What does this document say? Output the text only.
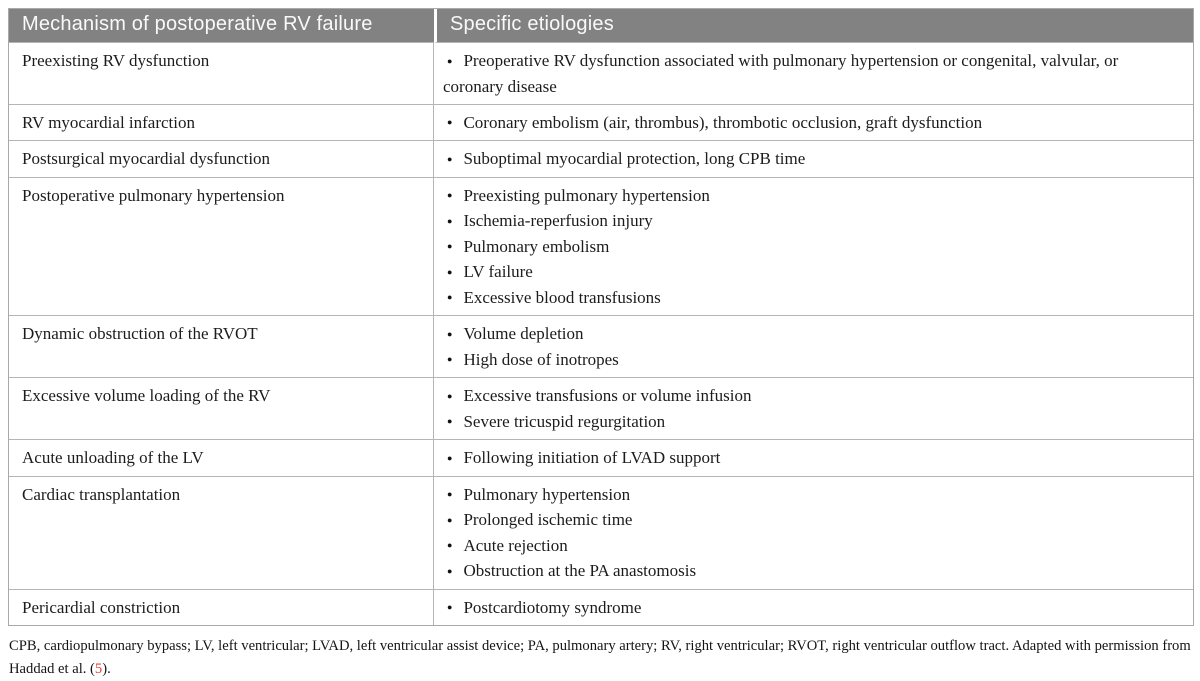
Mechanism of postoperative RV failure	Specific etiologies
Preexisting RV dysfunction	● Preoperative RV dysfunction associated with pulmonary hypertension or congenital, valvular, or coronary disease

RV myocardial infarction	● Coronary embolism (air, thrombus), thrombotic occlusion, graft dysfunction

Postsurgical myocardial dysfunction	● Suboptimal myocardial protection, long CPB time

Postoperative pulmonary hypertension	● Preexisting pulmonary hypertension
● Ischemia-reperfusion injury
● Pulmonary embolism
● LV failure
● Excessive blood transfusions

Dynamic obstruction of the RVOT	● Volume depletion
● High dose of inotropes

Excessive volume loading of the RV	● Excessive transfusions or volume infusion
● Severe tricuspid regurgitation

Acute unloading of the LV	● Following initiation of LVAD support

Cardiac transplantation	● Pulmonary hypertension
● Prolonged ischemic time
● Acute rejection
● Obstruction at the PA anastomosis

Pericardial constriction	● Postcardiotomy syndrome

CPB, cardiopulmonary bypass; LV, left ventricular; LVAD, left ventricular assist device; PA, pulmonary artery; RV, right ventricular; RVOT, right ventricular outflow tract. Adapted with permission from Haddad et al. (5).
